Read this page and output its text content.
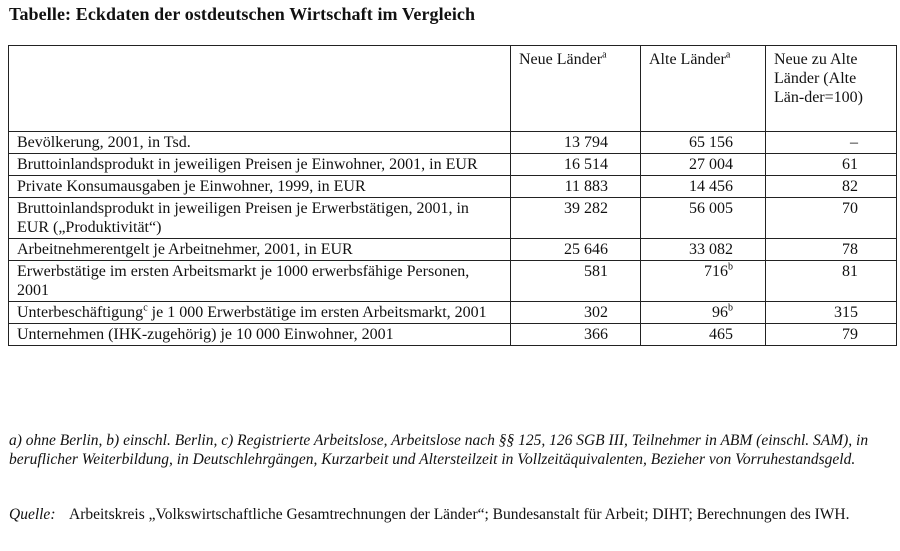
Tabelle: Eckdaten der ostdeutschen Wirtschaft im Vergleich
	Neue Länder$^a$	Alte Länder$^a$	Neue zu Alte Länder (Alte Län-der=100)
Bevölkerung, 2001, in Tsd.	13 794	65 156	–
Bruttoinlandsprodukt in jeweiligen Preisen je Einwohner, 2001, in EUR	16 514	27 004	61
Private Konsumausgaben je Einwohner, 1999, in EUR	11 883	14 456	82
Bruttoinlandsprodukt in jeweiligen Preisen je Erwerbstätigen, 2001, in EUR („Produktivität“)	39 282	56 005	70
Arbeitnehmerentgelt je Arbeitnehmer, 2001, in EUR	25 646	33 082	78
Erwerbstätige im ersten Arbeitsmarkt je 1000 erwerbsfähige Personen, 2001	581	716$^b$	81
Unterbeschäftigung$^c$ je 1 000 Erwerbstätige im ersten Arbeitsmarkt, 2001	302	96$^b$	315
Unternehmen (IHK-zugehörig) je 10 000 Einwohner, 2001	366	465	79
a) ohne Berlin, b) einschl. Berlin, c) Registrierte Arbeitslose, Arbeitslose nach §§ 125, 126 SGB III, Teilnehmer in ABM (einschl. SAM), in beruflicher Weiterbildung, in Deutschlehrgängen, Kurzarbeit und Altersteilzeit in Vollzeitäquivalenten, Bezieher von Vorruhestandsgeld.
Quelle: Arbeitskreis „Volkswirtschaftliche Gesamtrechnungen der Länder“; Bundesanstalt für Arbeit; DIHT; Berechnungen des IWH.
